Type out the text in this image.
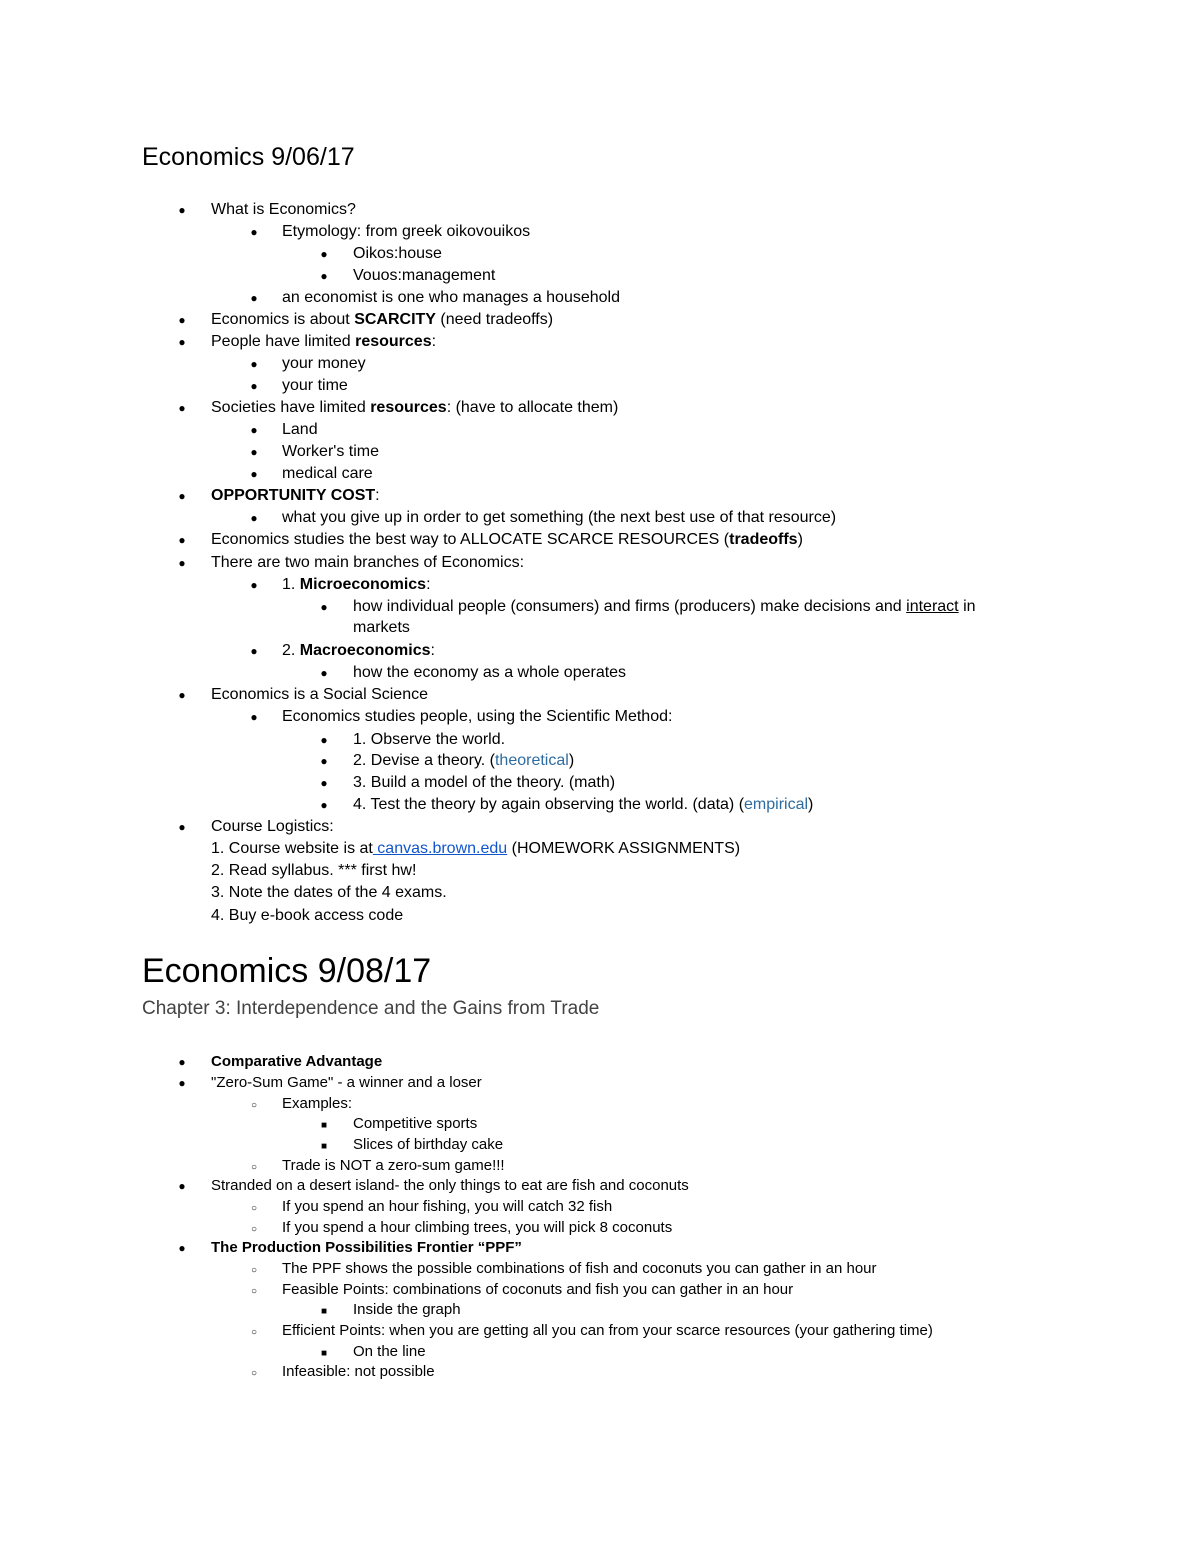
Economics 9/06/17
●
What is Economics?
●
Etymology: from greek oikovouikos
●
Oikos:house
●
Vouos:management
●
an economist is one who manages a household
●
Economics is about SCARCITY (need tradeoffs)
●
People have limited resources:
●
your money
●
your time
●
Societies have limited resources: (have to allocate them)
●
Land
●
Worker's time
●
medical care
●
OPPORTUNITY COST:
●
what you give up in order to get something (the next best use of that resource)
●
Economics studies the best way to ALLOCATE SCARCE RESOURCES (tradeoffs)
●
There are two main branches of Economics:
●
1. Microeconomics:
●
how individual people (consumers) and firms (producers) make decisions and interact in
markets
●
2. Macroeconomics:
●
how the economy as a whole operates
●
Economics is a Social Science
●
Economics studies people, using the Scientific Method:
●
1. Observe the world.
●
2. Devise a theory. (theoretical)
●
3. Build a model of the theory. (math)
●
4. Test the theory by again observing the world. (data) (empirical)
●
Course Logistics:
1. Course website is at canvas.brown.edu (HOMEWORK ASSIGNMENTS)
2. Read syllabus. *** first hw!
3. Note the dates of the 4 exams.
4. Buy e-book access code
Economics 9/08/17
Chapter 3: Interdependence and the Gains from Trade
●
Comparative Advantage
●
"Zero-Sum Game" - a winner and a loser
○
Examples:
■
Competitive sports
■
Slices of birthday cake
○
Trade is NOT a zero-sum game!!!
●
Stranded on a desert island- the only things to eat are fish and coconuts
○
If you spend an hour fishing, you will catch 32 fish
○
If you spend a hour climbing trees, you will pick 8 coconuts
●
The Production Possibilities Frontier “PPF”
○
The PPF shows the possible combinations of fish and coconuts you can gather in an hour
○
Feasible Points: combinations of coconuts and fish you can gather in an hour
■
Inside the graph
○
Efficient Points: when you are getting all you can from your scarce resources (your gathering time)
■
On the line
○
Infeasible: not possible
